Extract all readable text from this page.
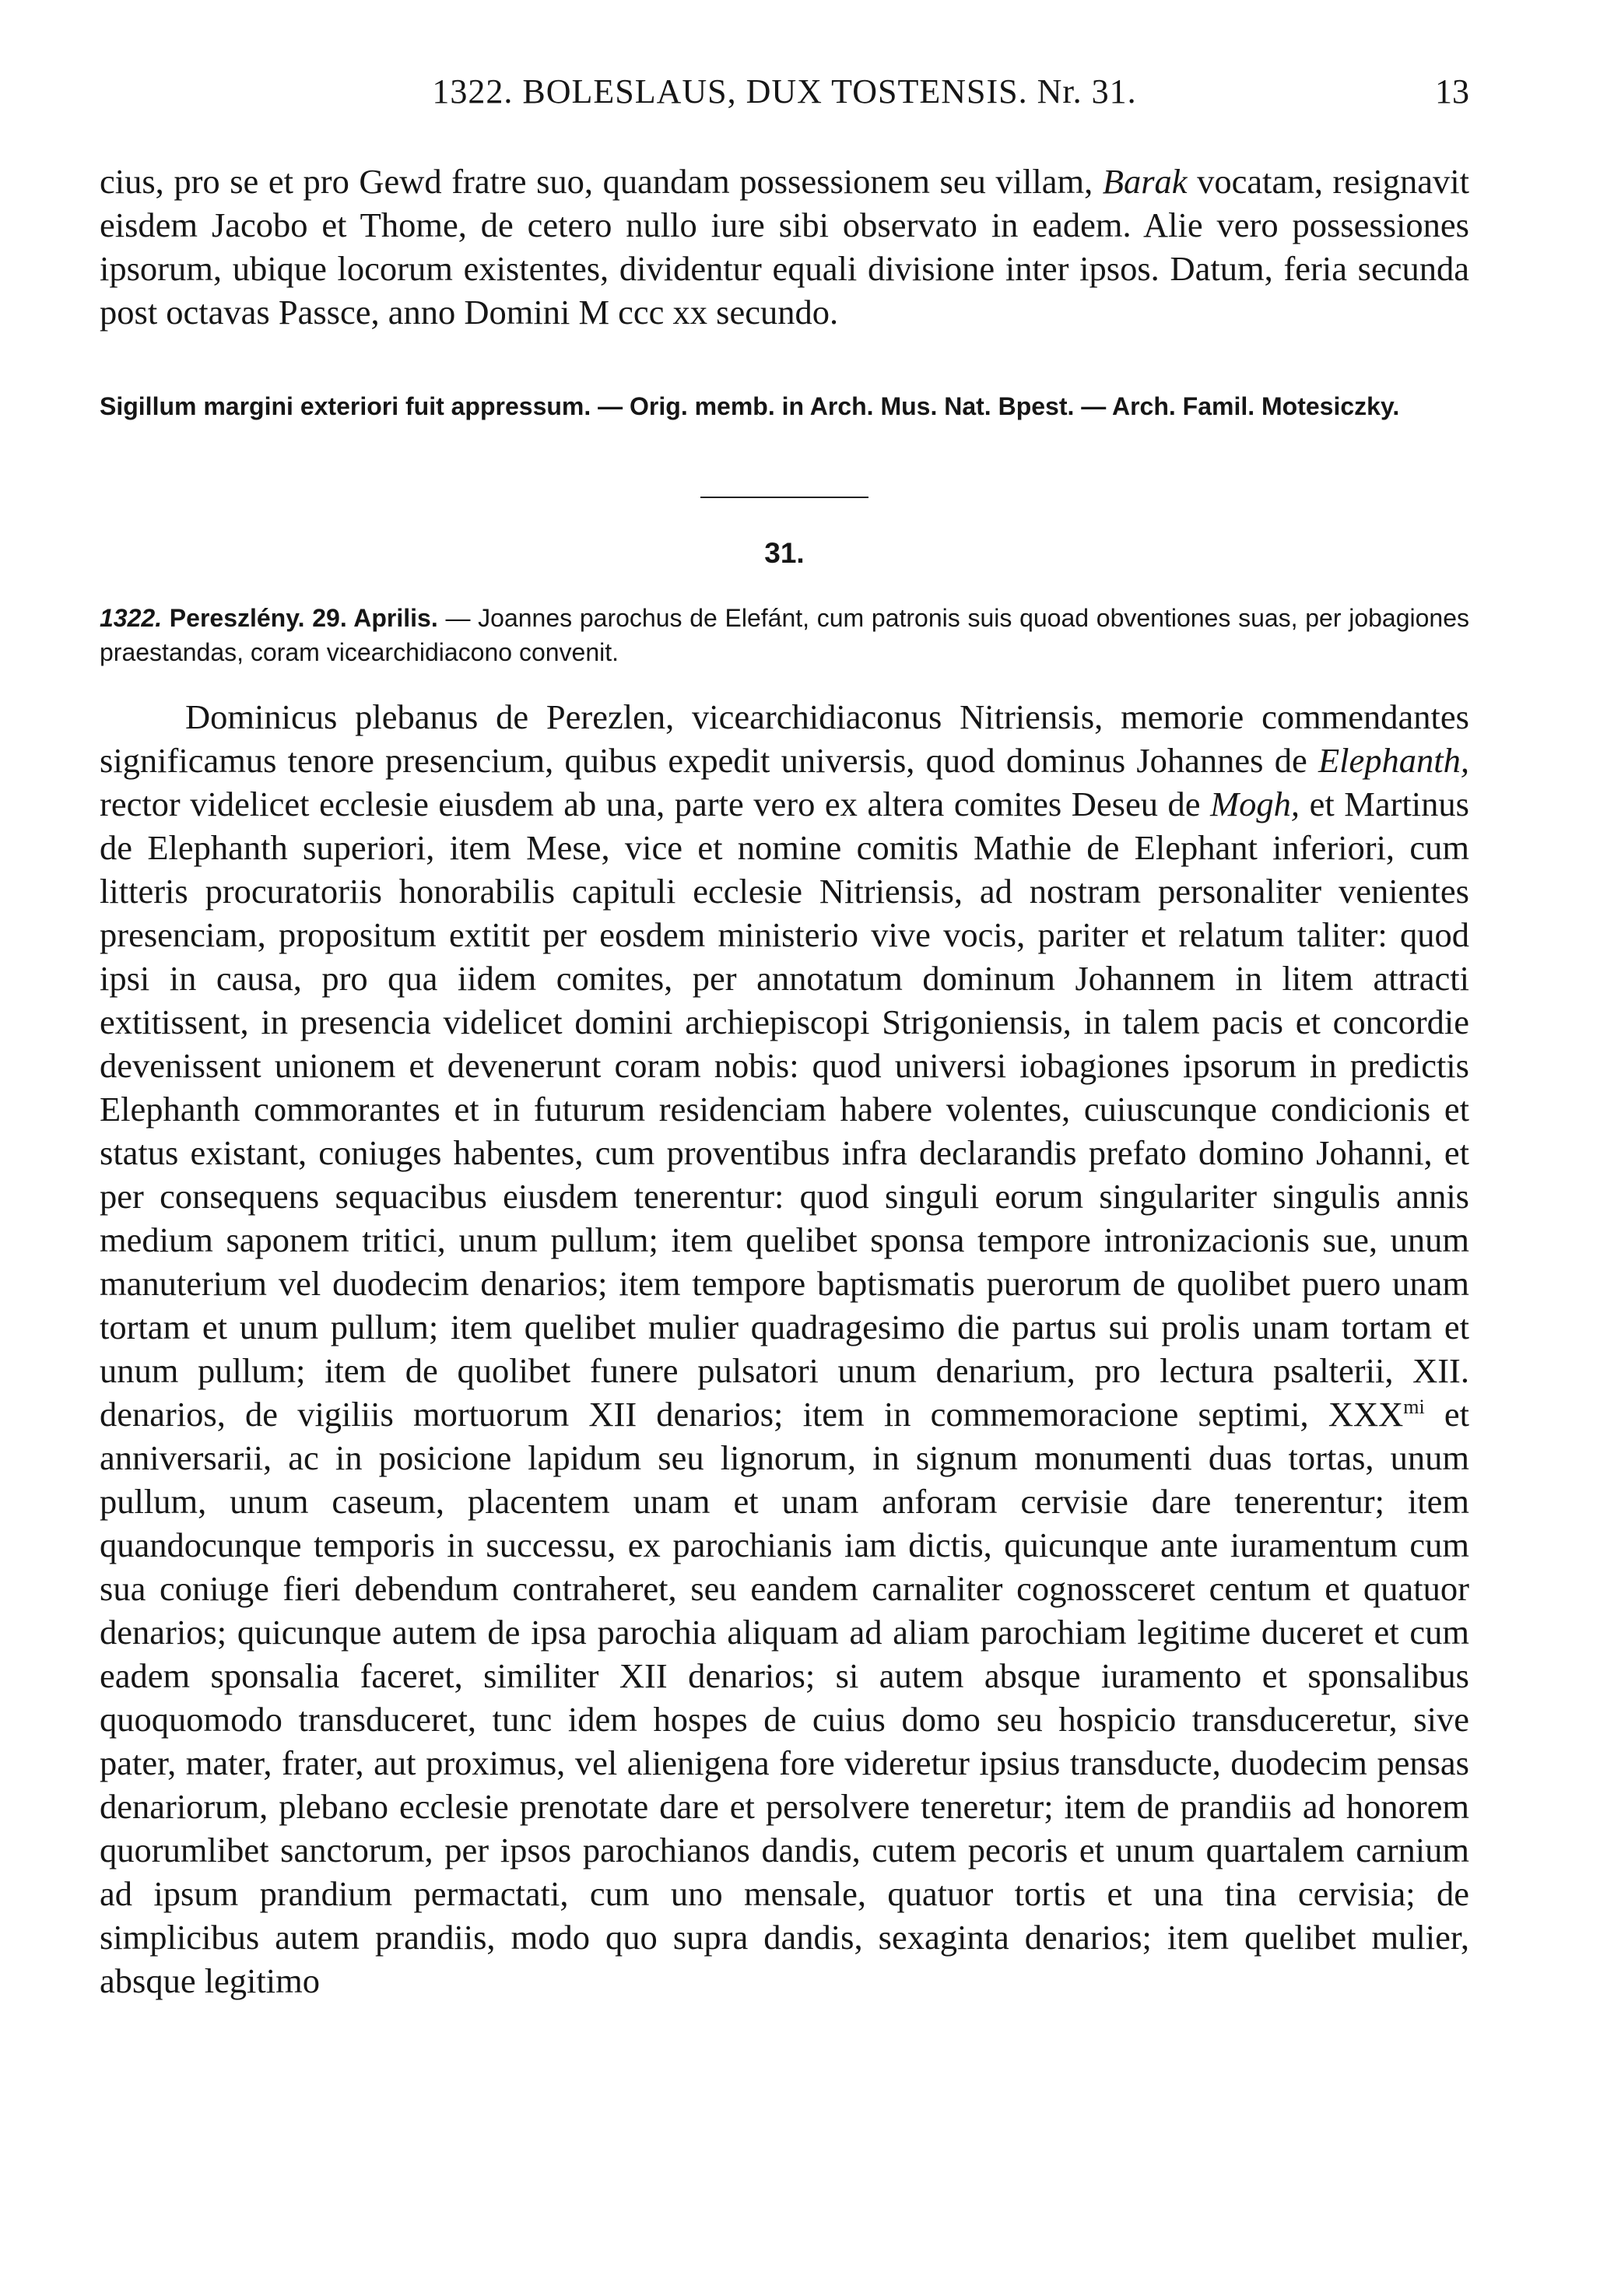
1322. BOLESLAUS, DUX TOSTENSIS. Nr. 31.	13
cius, pro se et pro Gewd fratre suo, quandam possessionem seu villam, Barak vocatam, resignavit eisdem Jacobo et Thome, de cetero nullo iure sibi observato in eadem. Alie vero possessiones ipsorum, ubique locorum existentes, dividentur equali divisione inter ipsos. Datum, feria secunda post octavas Passce, anno Domini M ccc xx secundo.
Sigillum margini exteriori fuit appressum. — Orig. memb. in Arch. Mus. Nat. Bpest. — Arch. Famil. Motesiczky.
31.
1322. Pereszlény. 29. Aprilis. — Joannes parochus de Elefánt, cum patronis suis quoad obventiones suas, per jobagiones praestandas, coram vicearchidiacono convenit.
Dominicus plebanus de Perezlen, vicearchidiaconus Nitriensis, memorie commendantes significamus tenore presencium, quibus expedit universis, quod dominus Johannes de Elephanth, rector videlicet ecclesie eiusdem ab una, parte vero ex altera comites Deseu de Mogh, et Martinus de Elephanth superiori, item Mese, vice et nomine comitis Mathie de Elephant inferiori, cum litteris procuratoriis honorabilis capituli ecclesie Nitriensis, ad nostram personaliter venientes presenciam, propositum extitit per eosdem ministerio vive vocis, pariter et relatum taliter: quod ipsi in causa, pro qua iidem comites, per annotatum dominum Johannem in litem attracti extitissent, in presencia videlicet domini archiepiscopi Strigoniensis, in talem pacis et concordie devenissent unionem et devenerunt coram nobis: quod universi iobagiones ipsorum in predictis Elephanth commorantes et in futurum residenciam habere volentes, cuiuscunque condicionis et status existant, coniuges habentes, cum proventibus infra declarandis prefato domino Johanni, et per consequens sequacibus eiusdem tenerentur: quod singuli eorum singulariter singulis annis medium saponem tritici, unum pullum; item quelibet sponsa tempore intronizacionis sue, unum manuterium vel duodecim denarios; item tempore baptismatis puerorum de quolibet puero unam tortam et unum pullum; item quelibet mulier quadragesimo die partus sui prolis unam tortam et unum pullum; item de quolibet funere pulsatori unum denarium, pro lectura psalterii, XII. denarios, de vigiliis mortuorum XII denarios; item in commemoracione septimi, $XXX^{mi}$ et anniversarii, ac in posicione lapidum seu lignorum, in signum monumenti duas tortas, unum pullum, unum caseum, placentem unam et unam anforam cervisie dare tenerentur; item quandocunque temporis in successu, ex parochianis iam dictis, quicunque ante iuramentum cum sua coniuge fieri debendum contraheret, seu eandem carnaliter cognossceret centum et quatuor denarios; quicunque autem de ipsa parochia aliquam ad aliam parochiam legitime duceret et cum eadem sponsalia faceret, similiter XII denarios; si autem absque iuramento et sponsalibus quoquomodo transduceret, tunc idem hospes de cuius domo seu hospicio transduceretur, sive pater, mater, frater, aut proximus, vel alienigena fore videretur ipsius transducte, duodecim pensas denariorum, plebano ecclesie prenotate dare et persolvere teneretur; item de prandiis ad honorem quorumlibet sanctorum, per ipsos parochianos dandis, cutem pecoris et unum quartalem carnium ad ipsum prandium permactati, cum uno mensale, quatuor tortis et una tina cervisia; de simplicibus autem prandiis, modo quo supra dandis, sexaginta denarios; item quelibet mulier, absque legitimo
